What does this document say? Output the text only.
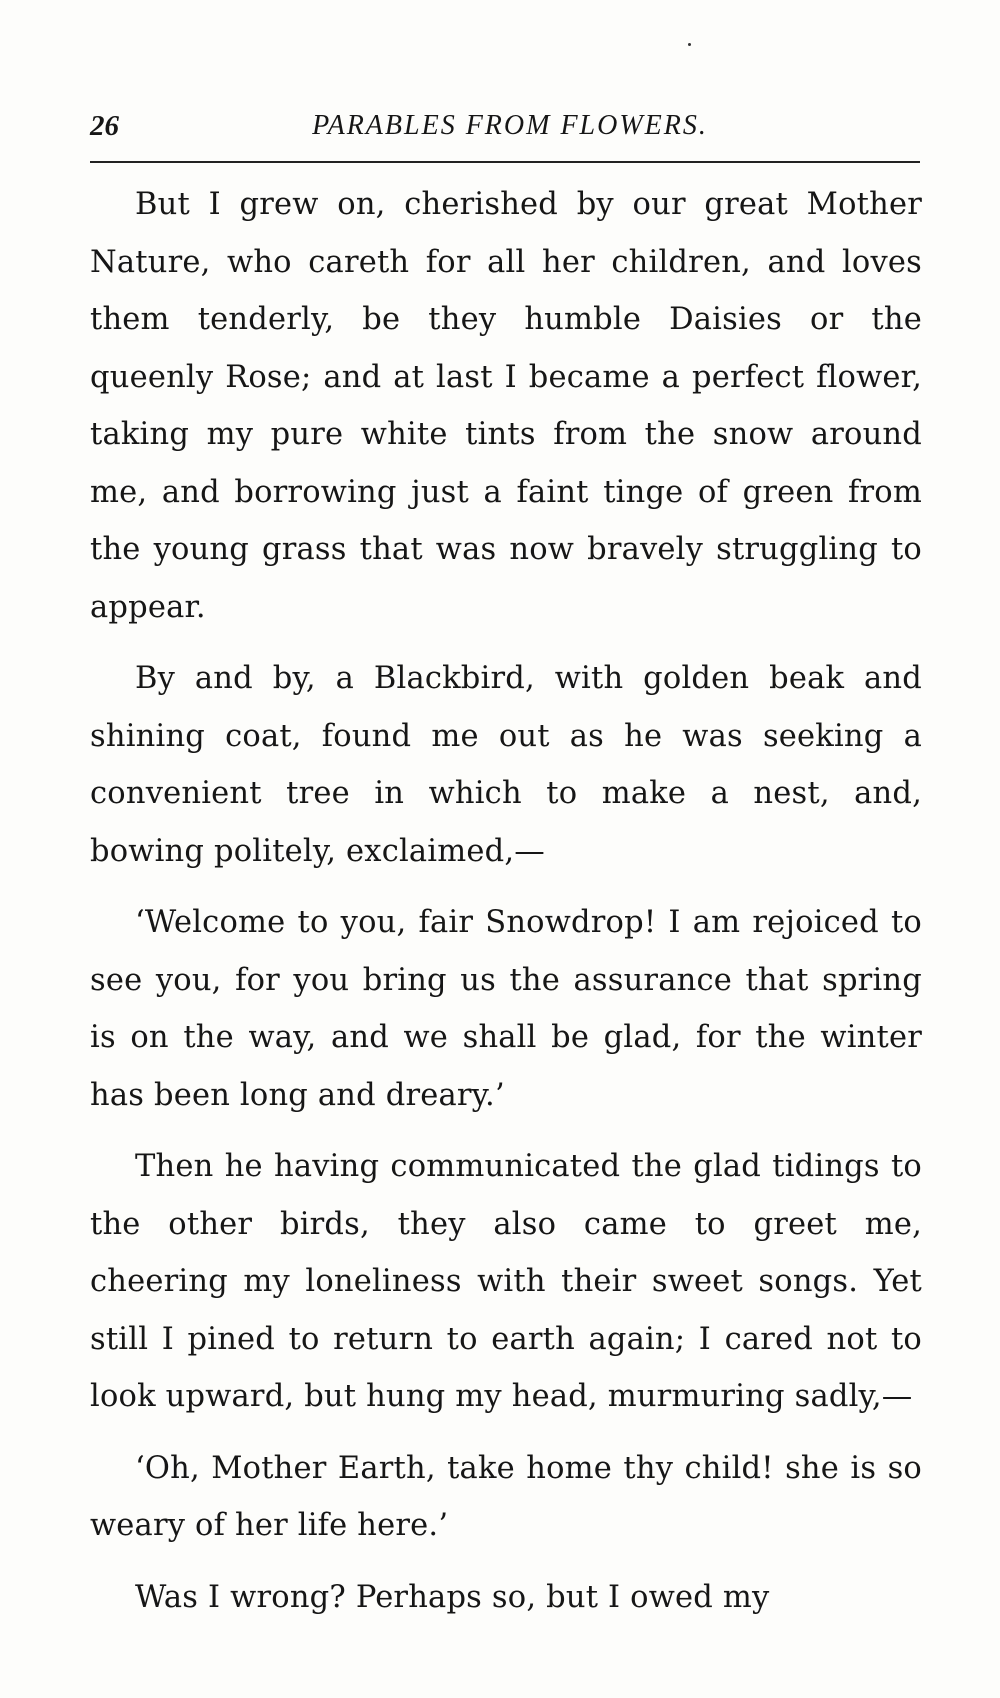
26	PARABLES FROM FLOWERS.

But I grew on, cherished by our great Mother Nature, who careth for all her children, and loves them tenderly, be they humble Daisies or the queenly Rose; and at last I became a perfect flower, taking my pure white tints from the snow around me, and borrowing just a faint tinge of green from the young grass that was now bravely struggling to appear.

By and by, a Blackbird, with golden beak and shining coat, found me out as he was seeking a convenient tree in which to make a nest, and, bowing politely, exclaimed,—

‘Welcome to you, fair Snowdrop! I am rejoiced to see you, for you bring us the assurance that spring is on the way, and we shall be glad, for the winter has been long and dreary.’

Then he having communicated the glad tidings to the other birds, they also came to greet me, cheering my loneliness with their sweet songs. Yet still I pined to return to earth again; I cared not to look upward, but hung my head, murmuring sadly,—

‘Oh, Mother Earth, take home thy child! she is so weary of her life here.’

Was I wrong? Perhaps so, but I owed my
